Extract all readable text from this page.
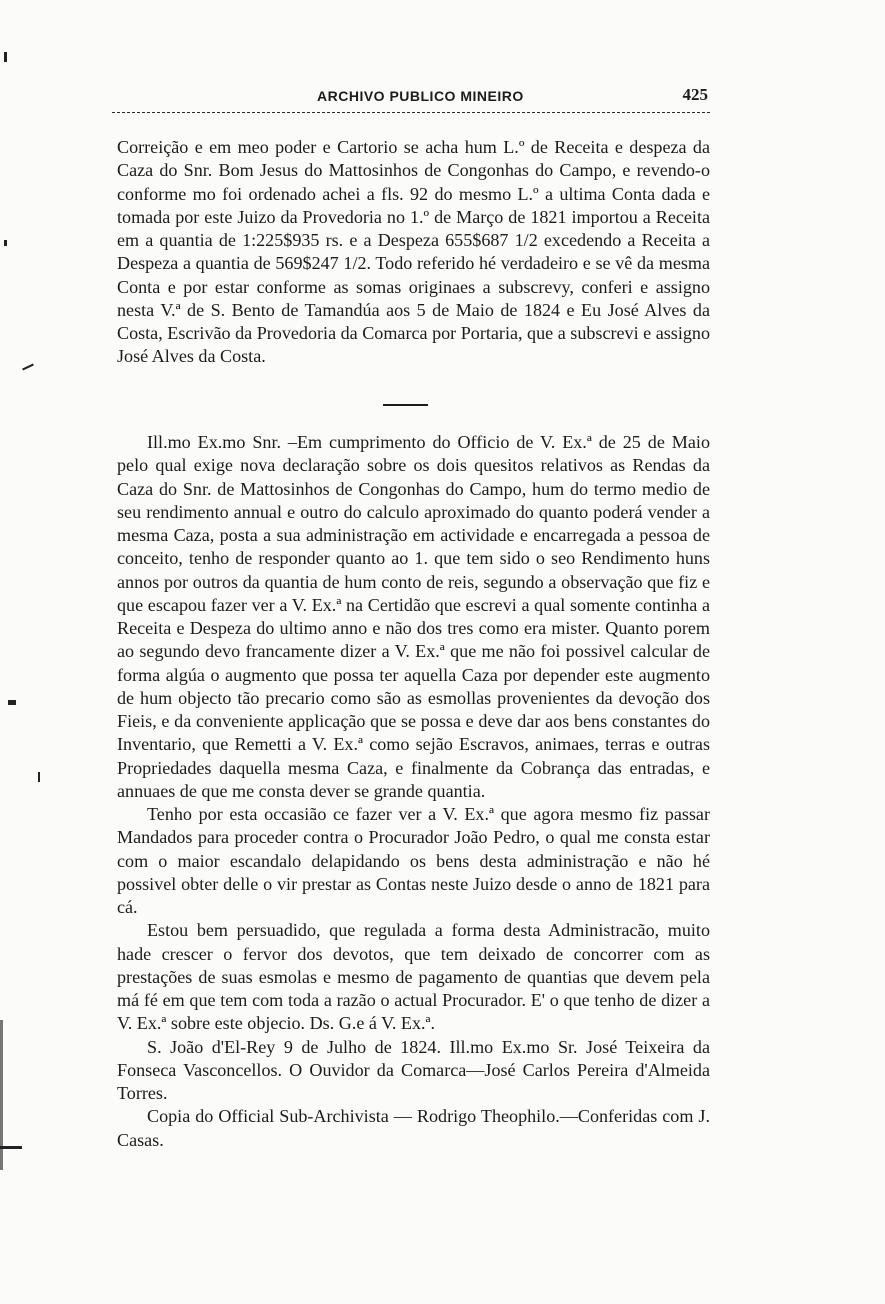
ARCHIVO PUBLICO MINEIRO	425

Correição e em meo poder e Cartorio se acha hum L.º de Receita e despeza da Caza do Snr. Bom Jesus do Mattosinhos de Congonhas do Campo, e revendo-o conforme mo foi ordenado achei a fls. 92 do mesmo L.º a ultima Conta dada e tomada por este Juizo da Provedoria no 1.º de Março de 1821 importou a Receita em a quantia de 1:225$935 rs. e a Despeza 655$687 1/2 excedendo a Receita a Despeza a quantia de 569$247 1/2. Todo referido hé verdadeiro e se vê da mesma Conta e por estar conforme as somas originaes a subscrevy, conferi e assigno nesta V.ª de S. Bento de Tamandúa aos 5 de Maio de 1824 e Eu José Alves da Costa, Escrivão da Provedoria da Comarca por Portaria, que a subscrevi e assigno José Alves da Costa.

Ill.mo Ex.mo Snr. –Em cumprimento do Officio de V. Ex.ª de 25 de Maio pelo qual exige nova declaração sobre os dois quesitos relativos as Rendas da Caza do Snr. de Mattosinhos de Congonhas do Campo, hum do termo medio de seu rendimento annual e outro do calculo aproximado do quanto poderá vender a mesma Caza, posta a sua administração em actividade e encarregada a pessoa de conceito, tenho de responder quanto ao 1. que tem sido o seo Rendimento huns annos por outros da quantia de hum conto de reis, segundo a observação que fiz e que escapou fazer ver a V. Ex.ª na Certidão que escrevi a qual somente continha a Receita e Despeza do ultimo anno e não dos tres como era mister. Quanto porem ao segundo devo francamente dizer a V. Ex.ª que me não foi possivel calcular de forma algúa o augmento que possa ter aquella Caza por depender este augmento de hum objecto tão precario como são as esmollas provenientes da devoção dos Fieis, e da conveniente applicação que se possa e deve dar aos bens constantes do Inventario, que Remetti a V. Ex.ª como sejão Escravos, animaes, terras e outras Propriedades daquella mesma Caza, e finalmente da Cobrança das entradas, e annuaes de que me consta dever se grande quantia.

Tenho por esta occasião ce fazer ver a V. Ex.ª que agora mesmo fiz passar Mandados para proceder contra o Procurador João Pedro, o qual me consta estar com o maior escandalo delapidando os bens desta administração e não hé possivel obter delle o vir prestar as Contas neste Juizo desde o anno de 1821 para cá.

Estou bem persuadido, que regulada a forma desta Administracão, muito hade crescer o fervor dos devotos, que tem deixado de concorrer com as prestações de suas esmolas e mesmo de pagamento de quantias que devem pela má fé em que tem com toda a razão o actual Procurador. E' o que tenho de dizer a V. Ex.ª sobre este objecio. Ds. G.e á V. Ex.ª.

S. João d'El-Rey 9 de Julho de 1824. Ill.mo Ex.mo Sr. José Teixeira da Fonseca Vasconcellos. O Ouvidor da Comarca—José Carlos Pereira d'Almeida Torres.

Copia do Official Sub-Archivista — Rodrigo Theophilo.—Conferidas com J. Casas.
